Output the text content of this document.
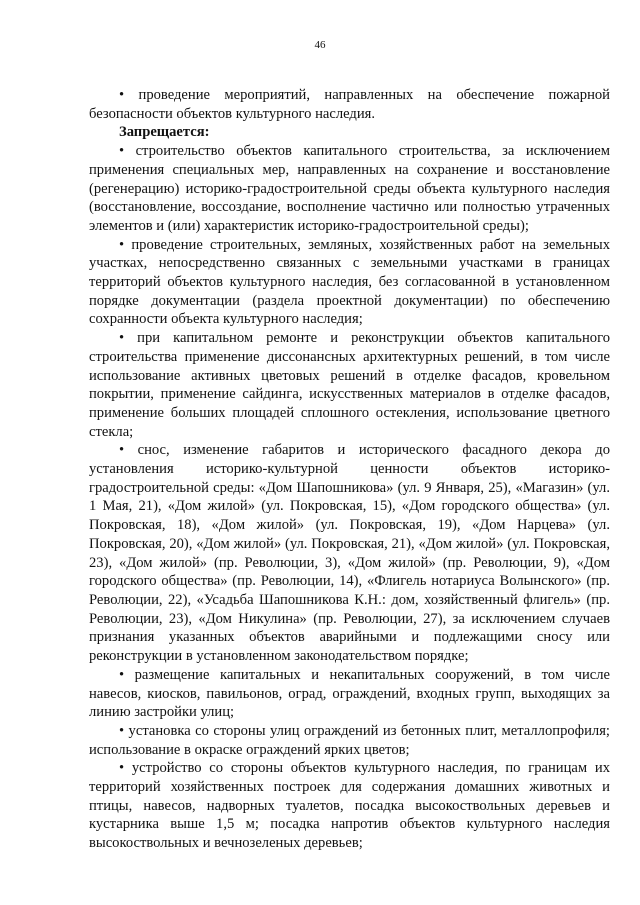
46

• проведение мероприятий, направленных на обеспечение пожарной безопасности объектов культурного наследия.

Запрещается:

• строительство объектов капитального строительства, за исключением применения специальных мер, направленных на сохранение и восстановление (регенерацию) историко-градостроительной среды объекта культурного наследия (восстановление, воссоздание, восполнение частично или полностью утраченных элементов и (или) характеристик историко-градостроительной среды);

• проведение строительных, земляных, хозяйственных работ на земельных участках, непосредственно связанных с земельными участками в границах территорий объектов культурного наследия, без согласованной в установленном порядке документации (раздела проектной документации) по обеспечению сохранности объекта культурного наследия;

• при капитальном ремонте и реконструкции объектов капитального строительства применение диссонансных архитектурных решений, в том числе использование активных цветовых решений в отделке фасадов, кровельном покрытии, применение сайдинга, искусственных материалов в отделке фасадов, применение больших площадей сплошного остекления, использование цветного стекла;

• снос, изменение габаритов и исторического фасадного декора до установления историко-культурной ценности объектов историко-градостроительной среды: «Дом Шапошникова» (ул. 9 Января, 25), «Магазин» (ул. 1 Мая, 21), «Дом жилой» (ул. Покровская, 15), «Дом городского общества» (ул. Покровская, 18), «Дом жилой» (ул. Покровская, 19), «Дом Нарцева» (ул. Покровская, 20), «Дом жилой» (ул. Покровская, 21), «Дом жилой» (ул. Покровская, 23), «Дом жилой» (пр. Революции, 3), «Дом жилой» (пр. Революции, 9), «Дом городского общества» (пр. Революции, 14), «Флигель нотариуса Волынского» (пр. Революции, 22), «Усадьба Шапошникова К.Н.: дом, хозяйственный флигель» (пр. Революции, 23), «Дом Никулина» (пр. Революции, 27), за исключением случаев признания указанных объектов аварийными и подлежащими сносу или реконструкции в установленном законодательством порядке;

• размещение капитальных и некапитальных сооружений, в том числе навесов, киосков, павильонов, оград, ограждений, входных групп, выходящих за линию застройки улиц;

• установка со стороны улиц ограждений из бетонных плит, металлопрофиля; использование в окраске ограждений ярких цветов;

• устройство со стороны объектов культурного наследия, по границам их территорий хозяйственных построек для содержания домашних животных и птицы, навесов, надворных туалетов, посадка высокоствольных деревьев и кустарника выше 1,5 м; посадка напротив объектов культурного наследия высокоствольных и вечнозеленых деревьев;
